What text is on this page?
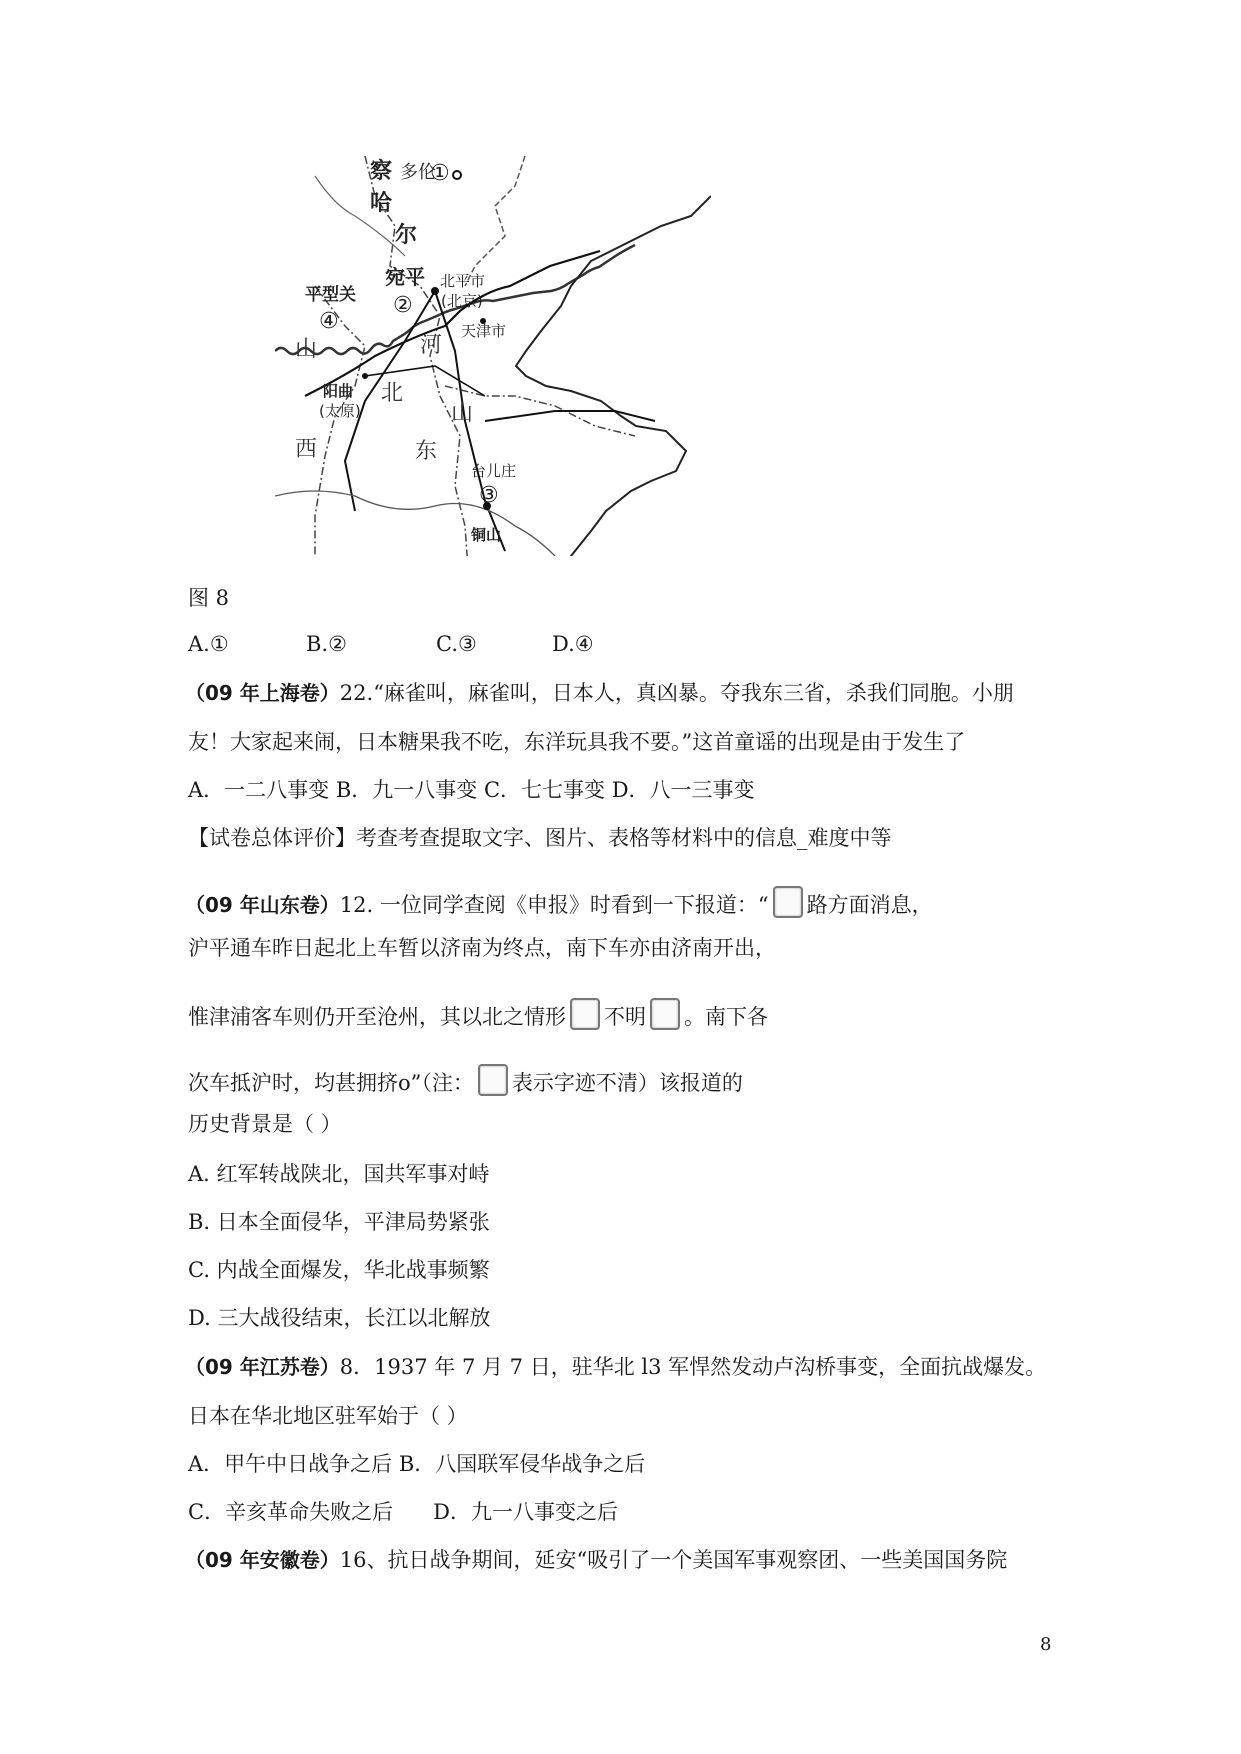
察 多伦
①
哈
尔
宛平
②
北平市
(北京)
天津市
平型关
④
山	河
阳曲
(太原)
北
山
西	东
台儿庄
③
铜山
图 8
A.①	B.②	C.③	D.④
（09 年上海卷）22.“麻雀叫，麻雀叫，日本人，真凶暴。夺我东三省，杀我们同胞。小朋
友！大家起来闹，日本糖果我不吃，东洋玩具我不要。”这首童谣的出现是由于发生了
A．一二八事变 B．九一八事变 C．七七事变 D．八一三事变
【试卷总体评价】考查考查提取文字、图片、表格等材料中的信息_难度中等
（09 年山东卷）12. 一位同学查阅《申报》时看到一下报道：“ 路方面消息，
沪平通车昨日起北上车暂以济南为终点，南下车亦由济南开出，
惟津浦客车则仍开至沧州，其以北之情形 不明 。南下各
次车抵沪时，均甚拥挤o”（注： 表示字迹不清）该报道的
历史背景是（ ）
A. 红军转战陕北，国共军事对峙
B. 日本全面侵华，平津局势紧张
C. 内战全面爆发，华北战事频繁
D. 三大战役结束，长江以北解放
（09 年江苏卷）8．1937 年 7 月 7 日，驻华北 l3 军悍然发动卢沟桥事变，全面抗战爆发。
日本在华北地区驻军始于（ ）
A．甲午中日战争之后 B．八国联军侵华战争之后
C．辛亥革命失败之后      D．九一八事变之后
（09 年安徽卷）16、抗日战争期间，延安“吸引了一个美国军事观察团、一些美国国务院
8
